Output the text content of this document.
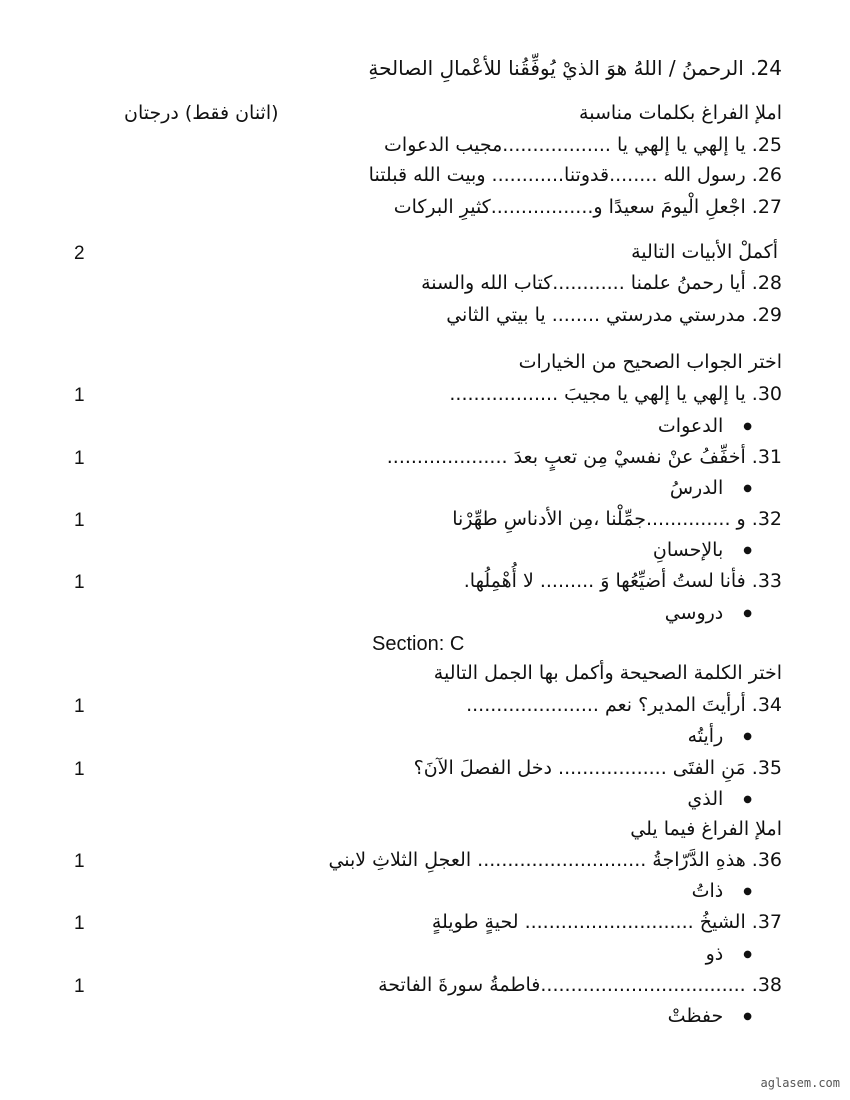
24. الرحمنُ / اللهُ هوَ الذيْ يُوفِّقُنا للأعْمالِ الصالحةِ
املإ الفراغ بكلمات مناسبة
(اثنان فقط) درجتان
25. يا إلهي يا إلهي يا ..................مجيب الدعوات
26. رسول الله ........قدوتنا............ وبيت الله قبلتنا
27. اجْعلِ الْيومَ سعيدًا و.................كثيرِ البركات
أكملْ الأبيات التالية
2
28. أيا رحمنُ علمنا ............كتاب الله والسنة
29. مدرستي مدرستي ........ يا بيتي الثاني
اختر الجواب الصحيح من الخيارات
30. يا إلهي يا إلهي يا مجيبَ ..................
1
● الدعوات
31. أخفِّفُ عنْ نفسيْ مِن تعبٍ بعدَ ....................
1
● الدرسُ
32. و ..............جمِّلْنا ،مِن الأدناسِ طهِّرْنا
1
● بالإحسانِ
33. فأنا لستُ أضيِّعُها وَ ......... لا أُهْمِلُها.
1
● دروسي
Section: C
اختر الكلمة الصحيحة وأكمل بها الجمل التالية
34. أرأيتَ المدير؟ نعم ......................
1
● رأيتُه
35. مَنِ الفتَى .................. دخل الفصلَ الآنَ؟
1
● الذي
املإ الفراغ فيما يلي
36. هذهِ الدَّرّاجةُ ............................ العجلِ الثلاثِ لابني
1
● ذاتُ
37. الشيخُ ............................ لحيةٍ طويلةٍ
1
● ذو
38. ..................................فاطمةُ سورةَ الفاتحة
1
● حفظتْ
aglasem.com
